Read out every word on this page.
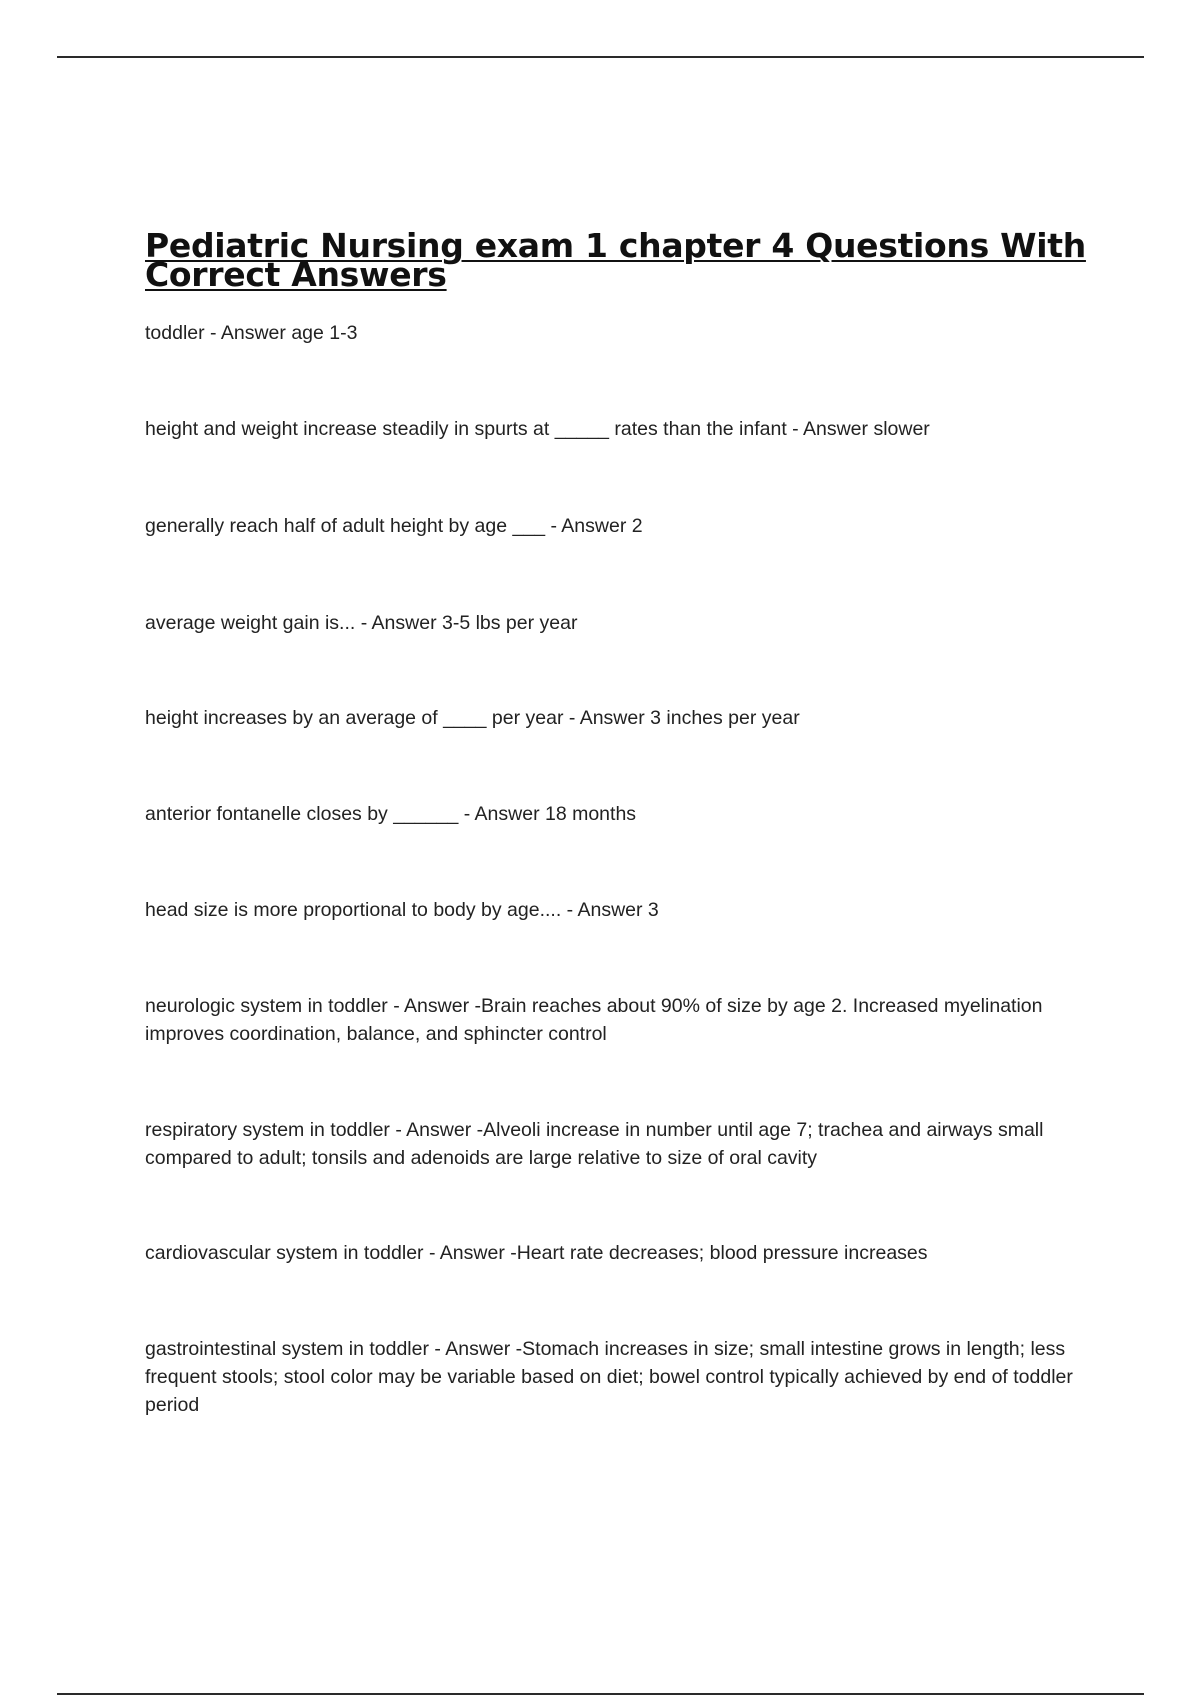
Pediatric Nursing exam 1 chapter 4 Questions With Correct Answers
toddler - Answer age 1-3
height and weight increase steadily in spurts at _____ rates than the infant - Answer slower
generally reach half of adult height by age ___ - Answer 2
average weight gain is... - Answer 3-5 lbs per year
height increases by an average of ____ per year - Answer 3 inches per year
anterior fontanelle closes by ______ - Answer 18 months
head size is more proportional to body by age.... - Answer 3
neurologic system in toddler - Answer -Brain reaches about 90% of size by age 2. Increased myelination improves coordination, balance, and sphincter control
respiratory system in toddler - Answer -Alveoli increase in number until age 7; trachea and airways small compared to adult; tonsils and adenoids are large relative to size of oral cavity
cardiovascular system in toddler - Answer -Heart rate decreases; blood pressure increases
gastrointestinal system in toddler - Answer -Stomach increases in size; small intestine grows in length; less frequent stools; stool color may be variable based on diet; bowel control typically achieved by end of toddler period
